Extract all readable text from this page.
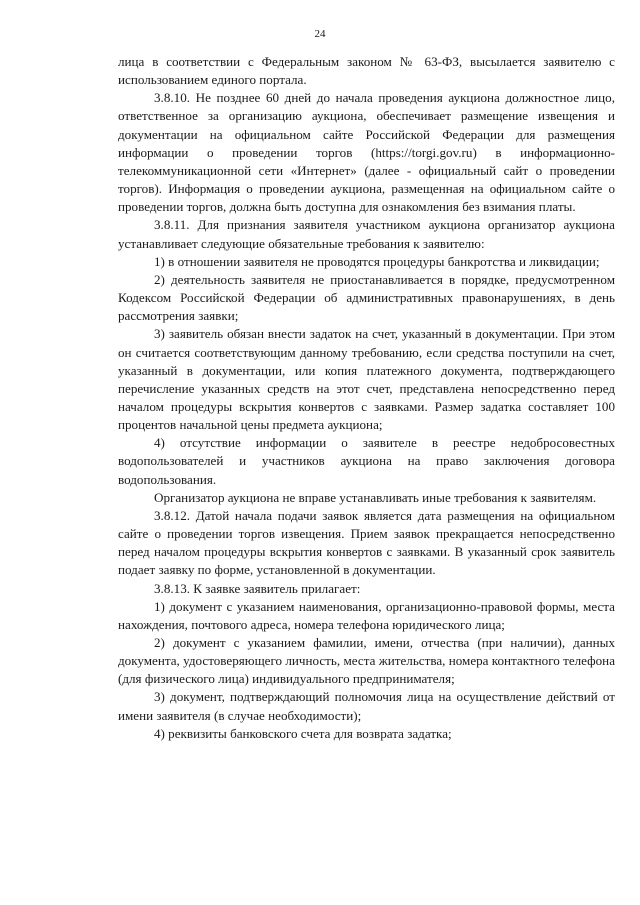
24

лица в соответствии с Федеральным законом № 63-ФЗ, высылается заявителю с использованием единого портала.

3.8.10. Не позднее 60 дней до начала проведения аукциона должностное лицо, ответственное за организацию аукциона, обеспечивает размещение извещения и документации на официальном сайте Российской Федерации для размещения информации о проведении торгов (https://torgi.gov.ru) в информационно-телекоммуникационной сети «Интернет» (далее - официальный сайт о проведении торгов). Информация о проведении аукциона, размещенная на официальном сайте о проведении торгов, должна быть доступна для ознакомления без взимания платы.

3.8.11. Для признания заявителя участником аукциона организатор аукциона устанавливает следующие обязательные требования к заявителю:

1) в отношении заявителя не проводятся процедуры банкротства и ликвидации;

2) деятельность заявителя не приостанавливается в порядке, предусмотренном Кодексом Российской Федерации об административных правонарушениях, в день рассмотрения заявки;

3) заявитель обязан внести задаток на счет, указанный в документации. При этом он считается соответствующим данному требованию, если средства поступили на счет, указанный в документации, или копия платежного документа, подтверждающего перечисление указанных средств на этот счет, представлена непосредственно перед началом процедуры вскрытия конвертов с заявками. Размер задатка составляет 100 процентов начальной цены предмета аукциона;

4) отсутствие информации о заявителе в реестре недобросовестных водопользователей и участников аукциона на право заключения договора водопользования.

Организатор аукциона не вправе устанавливать иные требования к заявителям.

3.8.12. Датой начала подачи заявок является дата размещения на официальном сайте о проведении торгов извещения. Прием заявок прекращается непосредственно перед началом процедуры вскрытия конвертов с заявками. В указанный срок заявитель подает заявку по форме, установленной в документации.

3.8.13. К заявке заявитель прилагает:

1) документ с указанием наименования, организационно-правовой формы, места нахождения, почтового адреса, номера телефона юридического лица;

2) документ с указанием фамилии, имени, отчества (при наличии), данных документа, удостоверяющего личность, места жительства, номера контактного телефона (для физического лица) индивидуального предпринимателя;

3) документ, подтверждающий полномочия лица на осуществление действий от имени заявителя (в случае необходимости);

4) реквизиты банковского счета для возврата задатка;
